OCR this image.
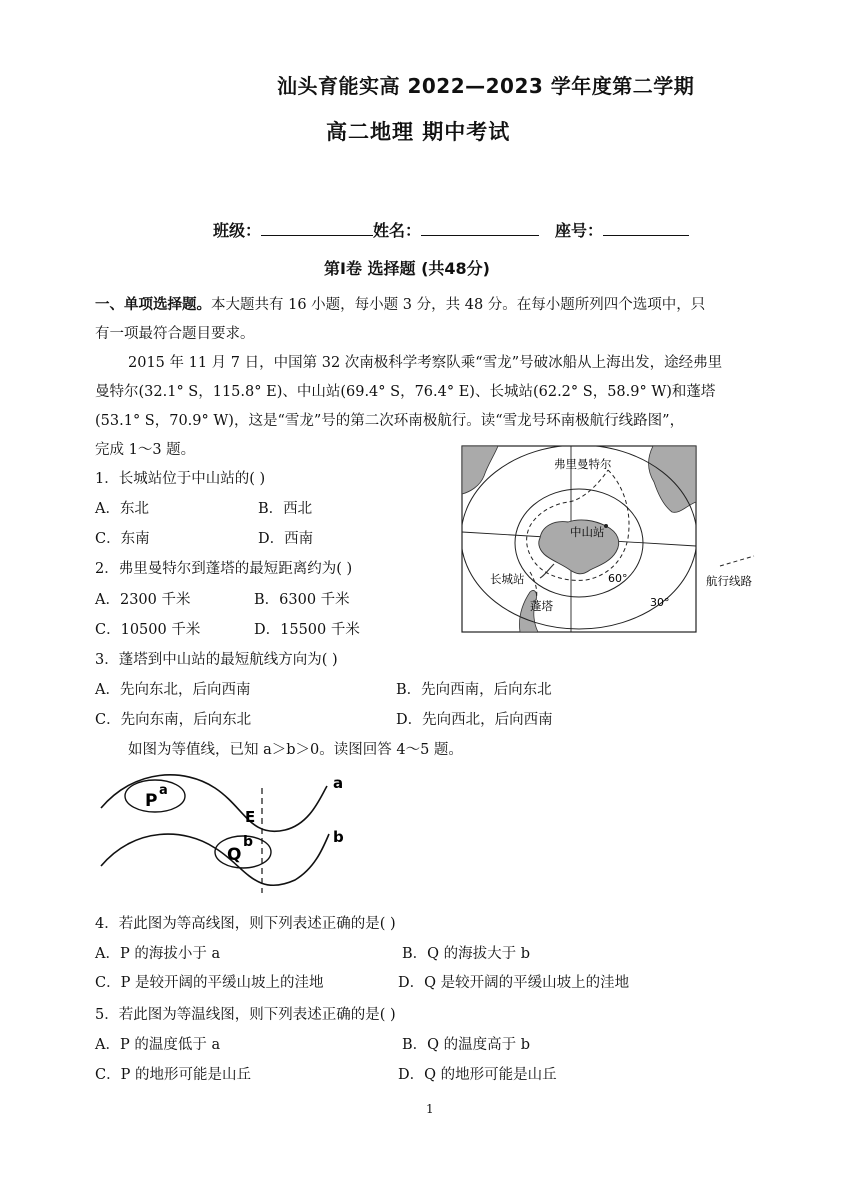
汕头育能实高 2022—2023 学年度第二学期
高二地理 期中考试
班级：	姓名：	座号：
第Ⅰ卷 选择题 (共48分)
一、单项选择题。本大题共有 16 小题，每小题 3 分，共 48 分。在每小题所列四个选项中，只
有一项最符合题目要求。
2015 年 11 月 7 日，中国第 32 次南极科学考察队乘“雪龙”号破冰船从上海出发，途经弗里
曼特尔(32.1° S，115.8° E)、中山站(69.4° S，76.4° E)、长城站(62.2° S，58.9° W)和蓬塔
(53.1° S，70.9° W)，这是“雪龙”号的第二次环南极航行。读“雪龙号环南极航行线路图”，
完成 1～3 题。
弗里曼特尔
中山站
长城站
蓬塔
60°
30°
航行线路
1．长城站位于中山站的( )
A．东北	B．西北
C．东南	D．西南
2．弗里曼特尔到蓬塔的最短距离约为( )
A．2300 千米	B．6300 千米
C．10500 千米	D．15500 千米
3．蓬塔到中山站的最短航线方向为( )
A．先向东北，后向西南	B．先向西南，后向东北
C．先向东南，后向东北	D．先向西北，后向西南
如图为等值线，已知 a＞b＞0。读图回答 4～5 题。
P
a
E
a
Q
b	b
4．若此图为等高线图，则下列表述正确的是( )
A．P 的海拔小于 a	B．Q 的海拔大于 b
C．P 是较开阔的平缓山坡上的洼地	D．Q 是较开阔的平缓山坡上的洼地
5．若此图为等温线图，则下列表述正确的是( )
A．P 的温度低于 a	B．Q 的温度高于 b
C．P 的地形可能是山丘	D．Q 的地形可能是山丘
1
